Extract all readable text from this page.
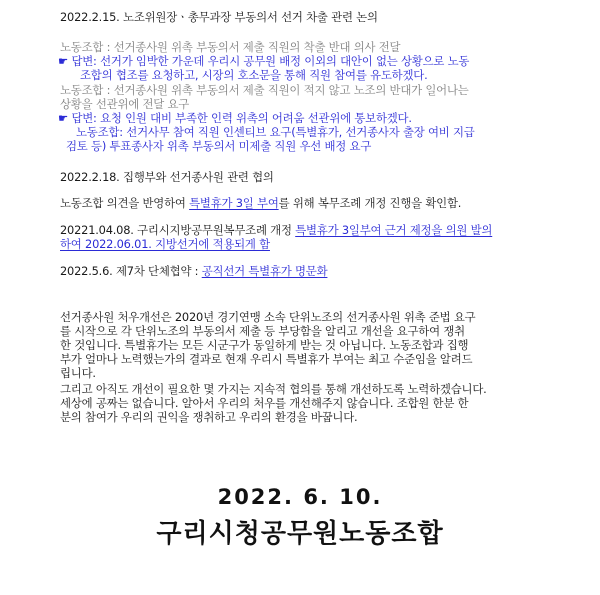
2022.2.15. 노조위원장ㆍ총무과장 부동의서 선거 차출 관련 논의
노동조합 : 선거종사원 위촉 부동의서 제출 직원의 착출 반대 의사 전달
☛ 답변: 선거가 임박한 가운데 우리시 공무원 배정 이외의 대안이 없는 상황으로 노동
조합의 협조를 요청하고, 시장의 호소문을 통해 직원 참여를 유도하겠다.
노동조합 : 선거종사원 위촉 부동의서 제출 직원이 적지 않고 노조의 반대가 일어나는
상황을 선관위에 전달 요구
☛ 답변: 요청 인원 대비 부족한 인력 위촉의 어려움 선관위에 통보하겠다.
노동조합: 선거사무 참여 직원 인센티브 요구(특별휴가, 선거종사자 출장 여비 지급
검토 등) 투표종사자 위촉 부동의서 미제출 직원 우선 배정 요구
2022.2.18. 집행부와 선거종사원 관련 협의
노동조합 의견을 반영하여 특별휴가 3일 부여를 위해 복무조례 개정 진행을 확인함.
20221.04.08. 구리시지방공무원복무조례 개정 특별휴가 3일부여 근거 제정을 의원 발의
하여 2022.06.01. 지방선거에 적용되게 함
2022.5.6. 제7차 단체협약 : 공직선거 특별휴가 명문화
선거종사원 처우개선은 2020년 경기연맹 소속 단위노조의 선거종사원 위촉 준법 요구
를 시작으로 각 단위노조의 부동의서 제출 등 부당함을 알리고 개선을 요구하여 쟁취
한 것입니다. 특별휴가는 모든 시군구가 동일하게 받는 것 아닙니다. 노동조합과 집행
부가 얼마나 노력했는가의 결과로 현재 우리시 특별휴가 부여는 최고 수준임을 알려드
립니다.
그리고 아직도 개선이 필요한 몇 가지는 지속적 협의를 통해 개선하도록 노력하겠습니다.
세상에 공짜는 없습니다. 알아서 우리의 처우를 개선해주지 않습니다. 조합원 한분 한
분의 참여가 우리의 권익을 쟁취하고 우리의 환경을 바꿉니다.
2022. 6. 10.
구리시청공무원노동조합
